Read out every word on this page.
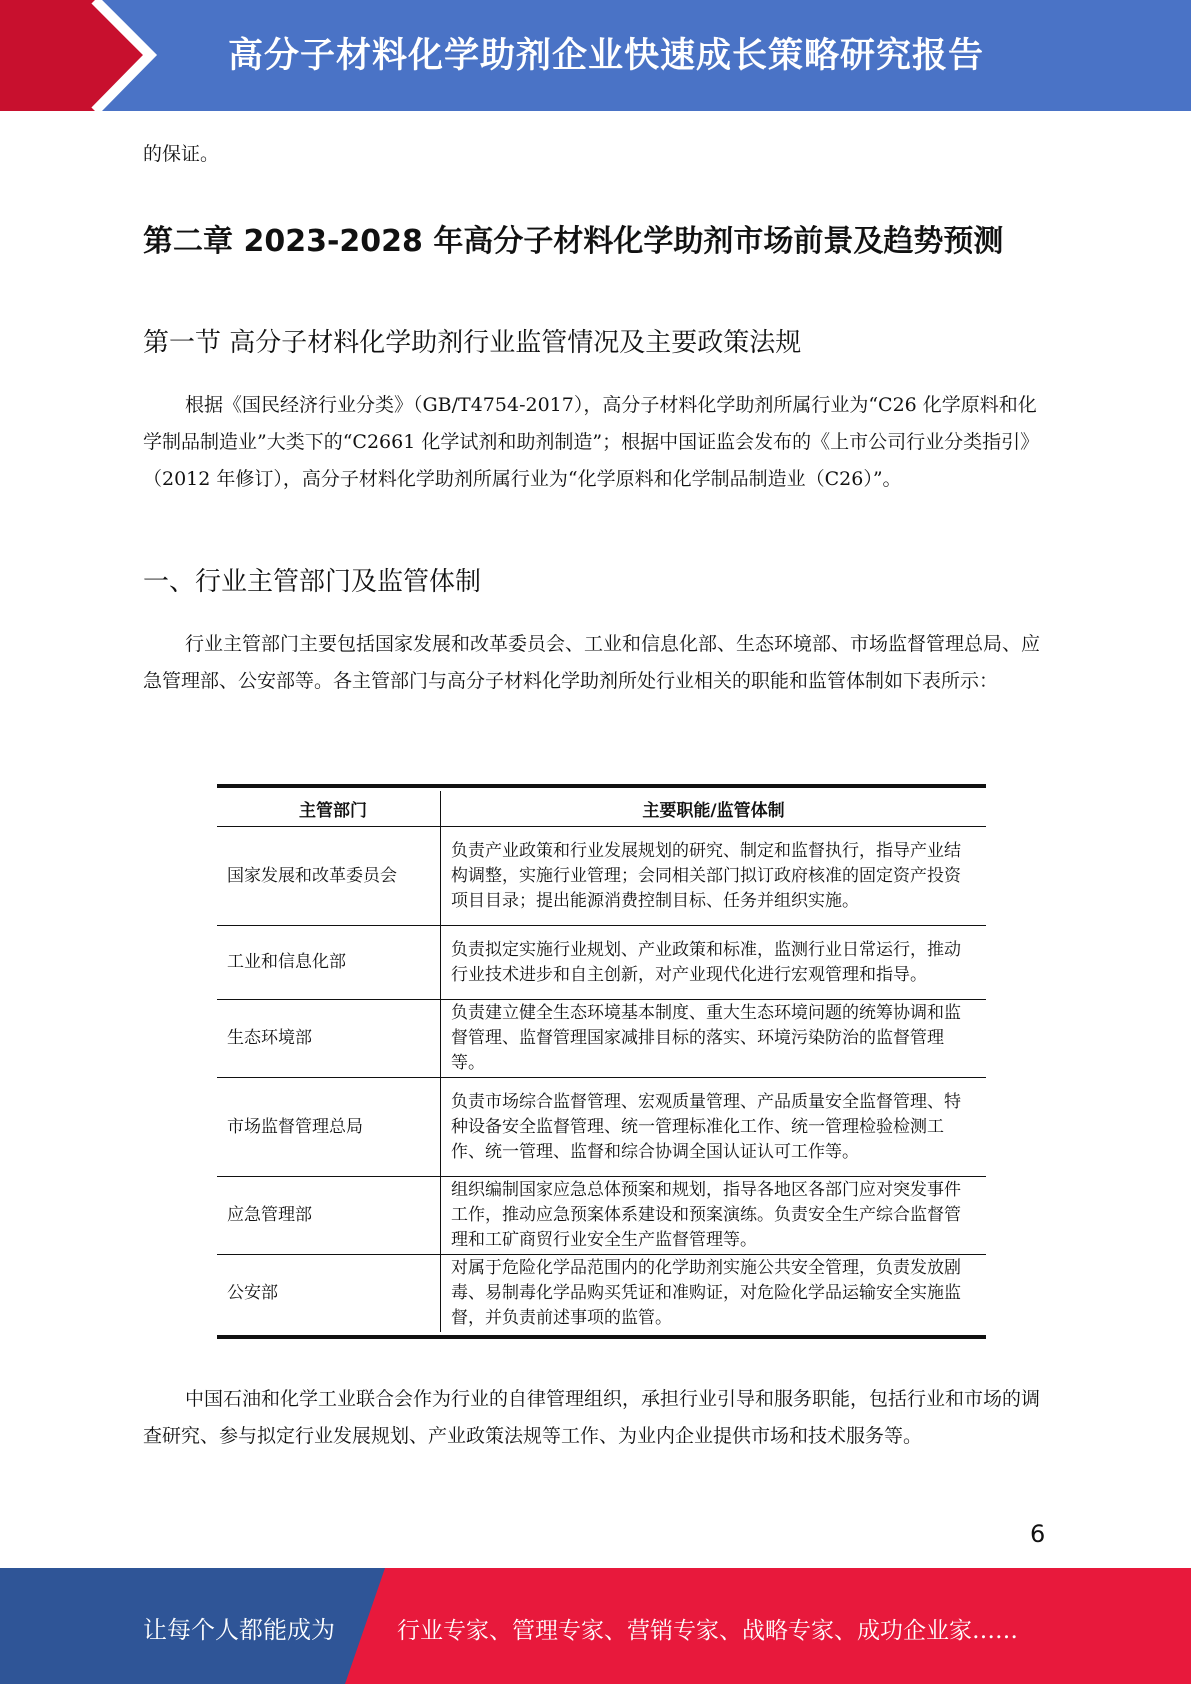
高分子材料化学助剂企业快速成长策略研究报告

的保证。

第二章 2023-2028 年高分子材料化学助剂市场前景及趋势预测
第一节 高分子材料化学助剂行业监管情况及主要政策法规

根据《国民经济行业分类》（GB/T4754-2017），高分子材料化学助剂所属行业为“C26 化学原料和化学制品制造业”大类下的“C2661 化学试剂和助剂制造”；根据中国证监会发布的《上市公司行业分类指引》（2012 年修订），高分子材料化学助剂所属行业为“化学原料和化学制品制造业（C26）”。

一、行业主管部门及监管体制

行业主管部门主要包括国家发展和改革委员会、工业和信息化部、生态环境部、市场监督管理总局、应急管理部、公安部等。各主管部门与高分子材料化学助剂所处行业相关的职能和监管体制如下表所示：

主管部门	主要职能/监管体制
国家发展和改革委员会	负责产业政策和行业发展规划的研究、制定和监督执行，指导产业结构调整，实施行业管理；会同相关部门拟订政府核准的固定资产投资项目目录；提出能源消费控制目标、任务并组织实施。
工业和信息化部	负责拟定实施行业规划、产业政策和标准，监测行业日常运行，推动行业技术进步和自主创新，对产业现代化进行宏观管理和指导。
生态环境部	负责建立健全生态环境基本制度、重大生态环境问题的统筹协调和监督管理、监督管理国家减排目标的落实、环境污染防治的监督管理等。
市场监督管理总局	负责市场综合监督管理、宏观质量管理、产品质量安全监督管理、特种设备安全监督管理、统一管理标准化工作、统一管理检验检测工作、统一管理、监督和综合协调全国认证认可工作等。
应急管理部	组织编制国家应急总体预案和规划，指导各地区各部门应对突发事件工作，推动应急预案体系建设和预案演练。负责安全生产综合监督管理和工矿商贸行业安全生产监督管理等。
公安部	对属于危险化学品范围内的化学助剂实施公共安全管理，负责发放剧毒、易制毒化学品购买凭证和准购证，对危险化学品运输安全实施监督，并负责前述事项的监管。

中国石油和化学工业联合会作为行业的自律管理组织，承担行业引导和服务职能，包括行业和市场的调查研究、参与拟定行业发展规划、产业政策法规等工作、为业内企业提供市场和技术服务等。

6
让每个人都能成为	行业专家、管理专家、营销专家、战略专家、成功企业家……
